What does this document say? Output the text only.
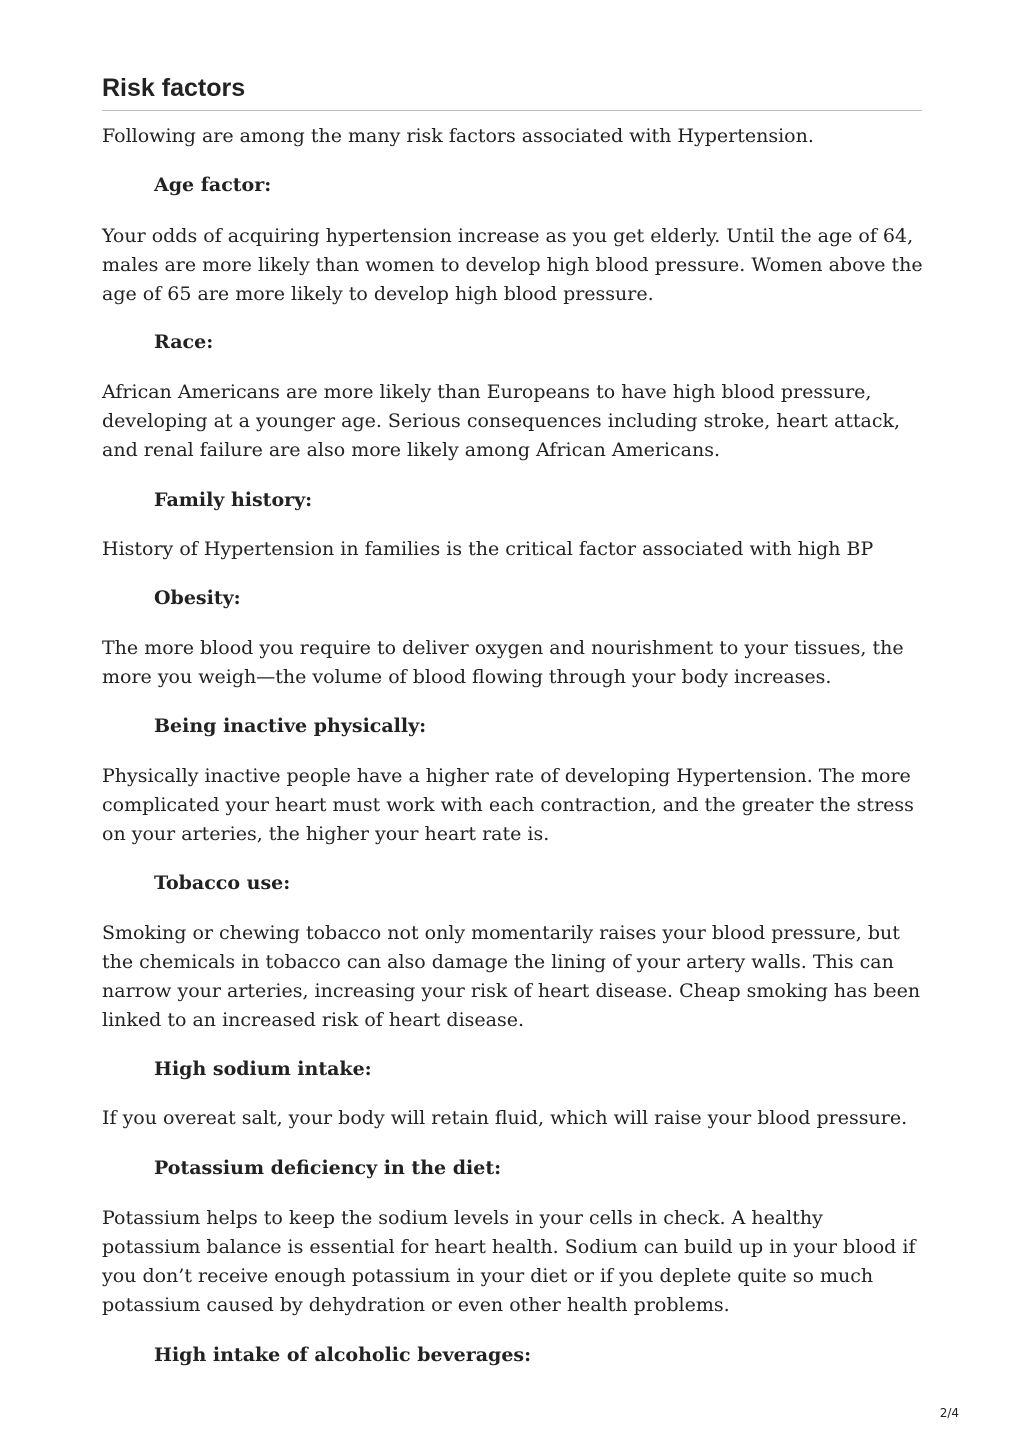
Risk factors

Following are among the many risk factors associated with Hypertension.

Age factor:

Your odds of acquiring hypertension increase as you get elderly. Until the age of 64, males are more likely than women to develop high blood pressure. Women above the age of 65 are more likely to develop high blood pressure.

Race:

African Americans are more likely than Europeans to have high blood pressure, developing at a younger age. Serious consequences including stroke, heart attack, and renal failure are also more likely among African Americans.

Family history:

History of Hypertension in families is the critical factor associated with high BP

Obesity:

The more blood you require to deliver oxygen and nourishment to your tissues, the more you weigh—the volume of blood flowing through your body increases.

Being inactive physically:

Physically inactive people have a higher rate of developing Hypertension. The more complicated your heart must work with each contraction, and the greater the stress on your arteries, the higher your heart rate is.

Tobacco use:

Smoking or chewing tobacco not only momentarily raises your blood pressure, but the chemicals in tobacco can also damage the lining of your artery walls. This can narrow your arteries, increasing your risk of heart disease. Cheap smoking has been linked to an increased risk of heart disease.

High sodium intake:

If you overeat salt, your body will retain fluid, which will raise your blood pressure.

Potassium deficiency in the diet:

Potassium helps to keep the sodium levels in your cells in check. A healthy potassium balance is essential for heart health. Sodium can build up in your blood if you don’t receive enough potassium in your diet or if you deplete quite so much potassium caused by dehydration or even other health problems.

High intake of alcoholic beverages:

2/4
